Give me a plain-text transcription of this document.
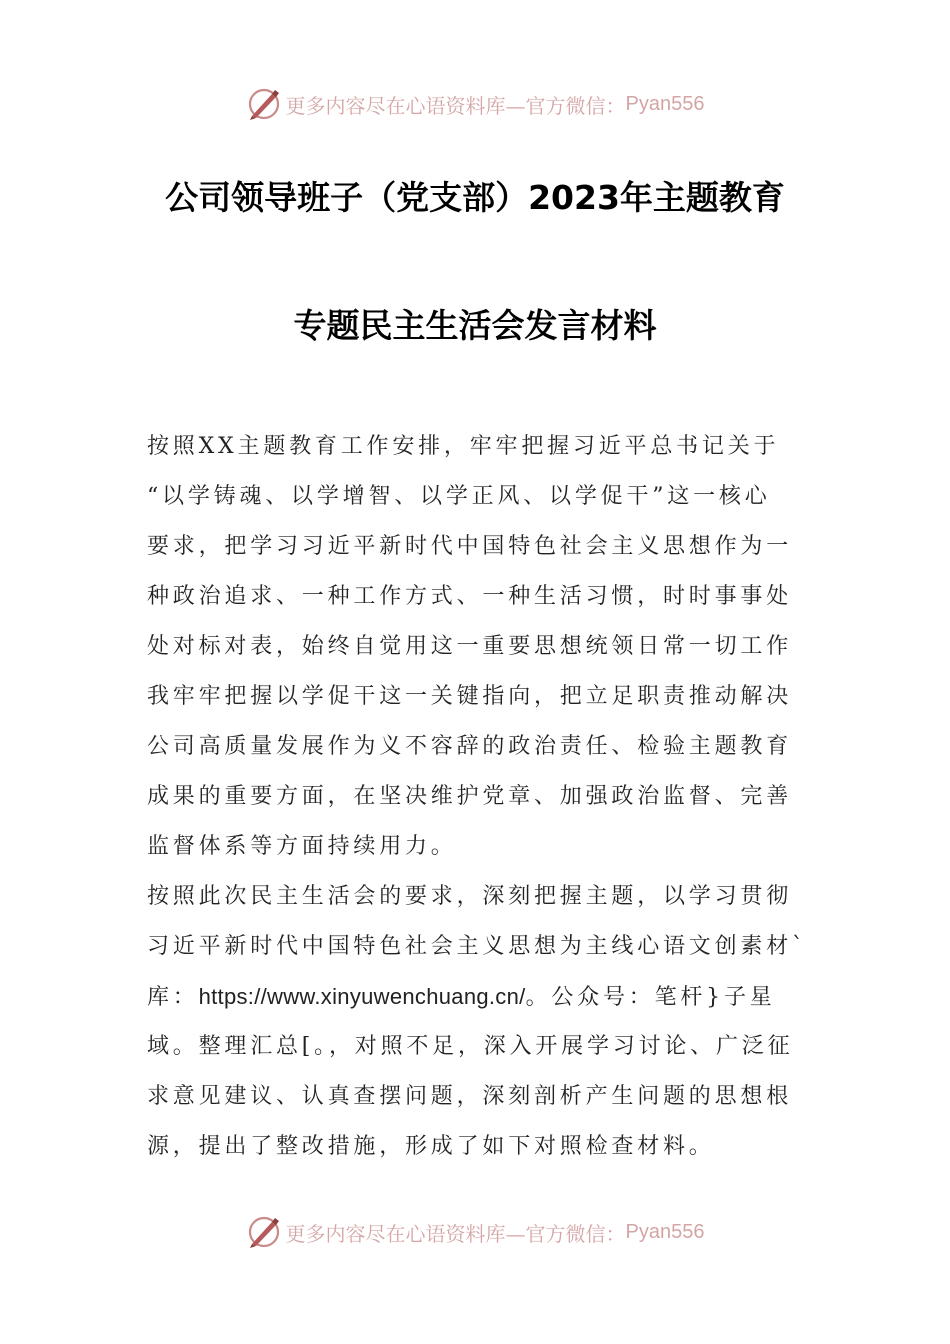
更多内容尽在心语资料库—官方微信： Pyan556
公司领导班子（党支部）2023年主题教育
专题民主生活会发言材料
按照XX主题教育工作安排，牢牢把握习近平总书记关于
“以学铸魂、以学增智、以学正风、以学促干”这一核心
要求，把学习习近平新时代中国特色社会主义思想作为一
种政治追求、一种工作方式、一种生活习惯，时时事事处
处对标对表，始终自觉用这一重要思想统领日常一切工作
我牢牢把握以学促干这一关键指向，把立足职责推动解决
公司高质量发展作为义不容辞的政治责任、检验主题教育
成果的重要方面，在坚决维护党章、加强政治监督、完善
监督体系等方面持续用力。
按照此次民主生活会的要求，深刻把握主题，以学习贯彻
习近平新时代中国特色社会主义思想为主线心语文创素材`
库：https://www.xinyuwenchuang.cn/。公众号：笔杆}子星
域。整理汇总[。，对照不足，深入开展学习讨论、广泛征
求意见建议、认真查摆问题，深刻剖析产生问题的思想根
源，提出了整改措施，形成了如下对照检查材料。
更多内容尽在心语资料库—官方微信： Pyan556
